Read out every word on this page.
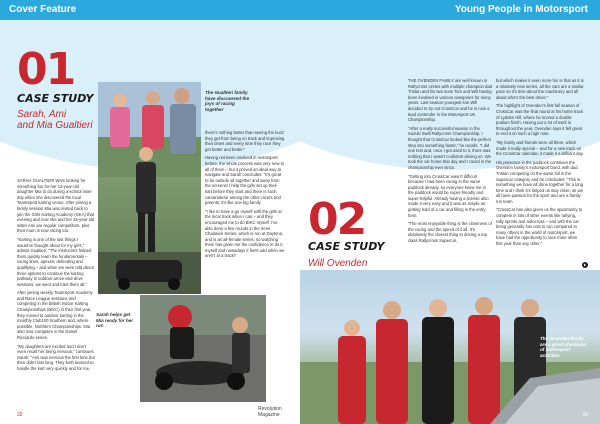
Cover Feature
01
CASE STUDY
Sarah, Ami
and Mia Gualtieri
The Gualtieri family have discovered the joys of racing together
Sarah helps get Mia ready for her run

SARAH GUALTIERI WAS looking for something fun for her 12-year-old daughter Mia to do during a school inset day when she discovered the local TeamSport karting venue. After joining a family session Mia was invited back to join the Girls Karting Academy (GKA) that evening and now she and her 15-year-old sister Ami are regular competitors, plus their mum is now racing too.

"Karting is one of the last things I would've thought about for my girls," admits Gualtieri. "The instructors helped them quickly learn the fundamentals – racing lines, apexes, defending and qualifying – and when we were told about three options to continue the karting pathway in outdoor arrive-and-drive sessions, we went and tried them all."

After joining weekly TeamSport Academy and Race League sessions and competing in the British Indoor Karting Championships (BIKC) in their first year, they moved to outdoor karting in the monthly Club100 Southern and, where possible, Northern Championships. Mia also now competes in the Daniel Ricciardo series.

"My daughters are excited and I don't even recall her being nervous," continues Sarah. "Ami was nervous the first time but then didn't last long. They both learned to handle the kart very quickly and for me,

there's nothing better than seeing the buzz they get from being on track and improving their times and every time they race they get better and better."

Having not been involved in motorsport before, the whole process was very new to all of them – but it proved an ideal way to navigate and Sarah concludes: "It's great to be outside all together and away from the screens! I help the girls set up their kart before they start and there is such camaraderie among the other racers and parents; it's like one big family.

"I like to have a go myself with the girls at the local track when I can – and they encouraged me to do BIKC myself. I've also done a few rounds in the Irene Chadwick Series, which is run at Daytona and is an all-female series, so watching them has given me the confidence to do it myself and nowadays it feels odd when we aren't at a track!"

32
Revolution Magazine
Young People in Motorsport

THE OVENDEN FAMILY are well known in Rallycross circles with multiple champion dad Tristan and his two sons Tom and Will having been involved in various categories for many years. Last season youngest son Will decided to try out CrossCar and he is now a lead contender in the Motorsport UK Championship.

"After a really successful season in the Suzuki Swift Rallycross Championship, I thought that CrossCar looked like the perfect step into something faster," he recalls. "I did one test and, once I got used to it, there was nothing that I wasn't confident driving on. We took the car home that day and I raced in the championship ever since.

"Getting into CrossCar wasn't difficult because I had been racing in the same paddock already, so everyone knew me in the paddock would be super-friendly and super-helpful. Already having a license also made it very easy and it was as simple as getting hold of a car and filling in the entry form.

"The most enjoyable thing is the closeness of the racing and the speed of it all. It's absolutely the closest thing to driving a top class Rallycross Supercar,

but which makes it even more fun is that as it is a relatively new series, all the cars are a similar pace so it's less about the machinery and all about who's the best driver."

The highlight of Ovenden's first full season of CrossCar was the final round at his home track of Lydden Hill, where he scored a double podium finish. Having put a lot of work in throughout the year, Ovenden says it felt great to end it on such a high note.

"My family and friends were all there, which made it really special – and for a new track on the CrossCar calendar, it made it a brilliant day.

His presence in the paddock continues the Ovenden family's motorsport bond, with dad Tristan competing on the same bill in the Supercar category and he concludes: "This is something we have all done together for a long time and I think it's helped us stay close, as we all have passion for the sport and are a family-run team.

"CrossCar has also given us the opportunity to compete in lots of other events like rallying, rally sprints and autocross – and with the car being generally low cost to run compared to many others in the world of motorsport, we have had the opportunity to race more often this year than any other."

02
CASE STUDY
Will Ovenden
The Ovenden family are a great champion of motorsport activities
33
